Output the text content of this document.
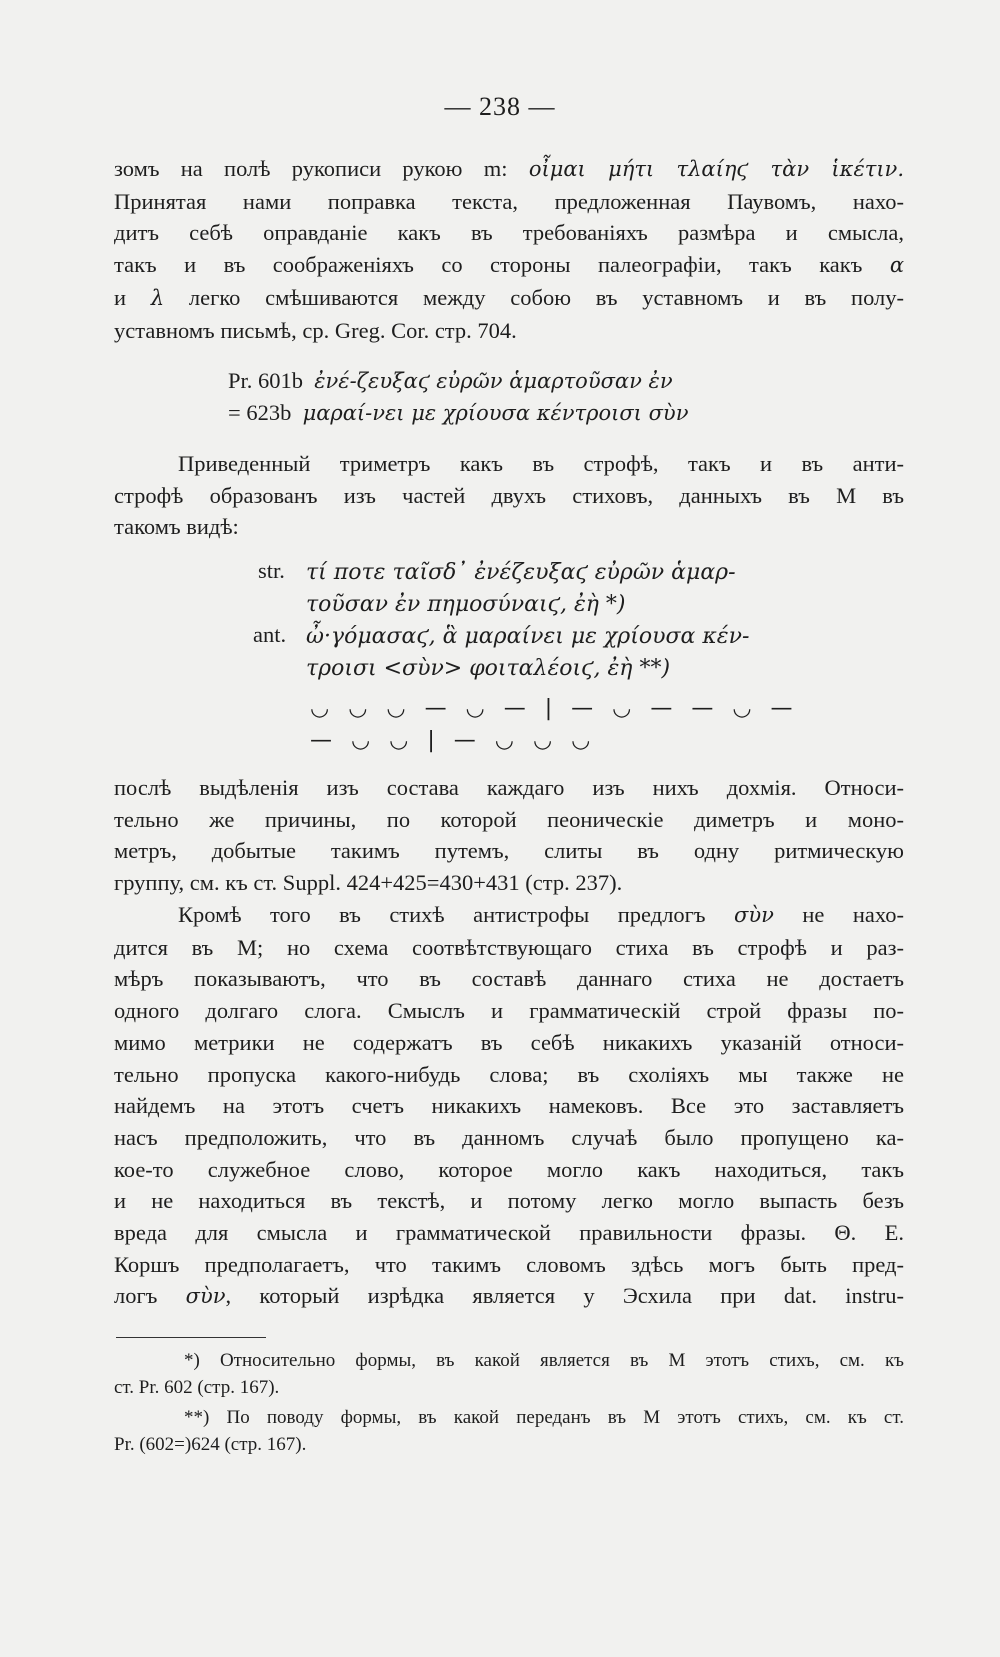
— 238 —
зомъ на полѣ рукописи рукою m: οἶμαι μήτι τλαίηϛ τὰν ἱκέτιν.
Принятая нами поправка текста, предложенная Паувомъ, нахо-
дитъ себѣ оправданіе какъ въ требованіяхъ размѣра и смысла,
такъ и въ соображеніяхъ со стороны палеографіи, такъ какъ α
и λ легко смѣшиваются между собою въ уставномъ и въ полу-
уставномъ письмѣ, ср. Greg. Cor. стр. 704.
Pr. 601b ἐνέ-ζευξαϛ εὐρῶν ἁμαρτοῦσαν ἐν
= 623b μαραί-νει με χρίουσα κέντροισι σὺν
Приведенный триметръ какъ въ строфѣ, такъ и въ анти-
строфѣ образованъ изъ частей двухъ стиховъ, данныхъ въ М въ
такомъ видѣ:
str. τί ποτε ταῖσδ᾽ ἐνέζευξαϛ εὐρῶν ἁμαρ-
τοῦσαν ἐν πημοσύναιϛ, ἐὴ *)
ant. ὦ·γόμασαϛ, ἃ μαραίνει με χρίουσα κέν-
τροισι <σὺν> φοιταλέοιϛ, ἐὴ **)
◡ ◡ ◡ — ◡ — | — ◡ — — ◡ —
— ◡ ◡ | — ◡ ◡ ◡
послѣ выдѣленія изъ состава каждаго изъ нихъ дохмія. Относи-
тельно же причины, по которой пеоническіе диметръ и моно-
метръ, добытые такимъ путемъ, слиты въ одну ритмическую
группу, см. къ ст. Suppl. 424+425=430+431 (стр. 237).
Кромѣ того въ стихѣ антистрофы предлогъ σὺν не нахо-
дится въ М; но схема соотвѣтствующаго стиха въ строфѣ и раз-
мѣръ показываютъ, что въ составѣ даннаго стиха не достаетъ
одного долгаго слога. Смыслъ и грамматическій строй фразы по-
мимо метрики не содержатъ въ себѣ никакихъ указаній относи-
тельно пропуска какого-нибудь слова; въ схоліяхъ мы также не
найдемъ на этотъ счетъ никакихъ намековъ. Все это заставляетъ
насъ предположить, что въ данномъ случаѣ было пропущено ка-
кое-то служебное слово, которое могло какъ находиться, такъ
и не находиться въ текстѣ, и потому легко могло выпасть безъ
вреда для смысла и грамматической правильности фразы. Θ. Е.
Коршъ предполагаетъ, что такимъ словомъ здѣсь могъ быть пред-
логъ σὺν, который изрѣдка является у Эсхила при dat. instru-
*) Относительно формы, въ какой является въ М этотъ стихъ, см. къ
ст. Pr. 602 (стр. 167).
**) По поводу формы, въ какой переданъ въ М этотъ стихъ, см. къ ст.
Pr. (602=)624 (стр. 167).
